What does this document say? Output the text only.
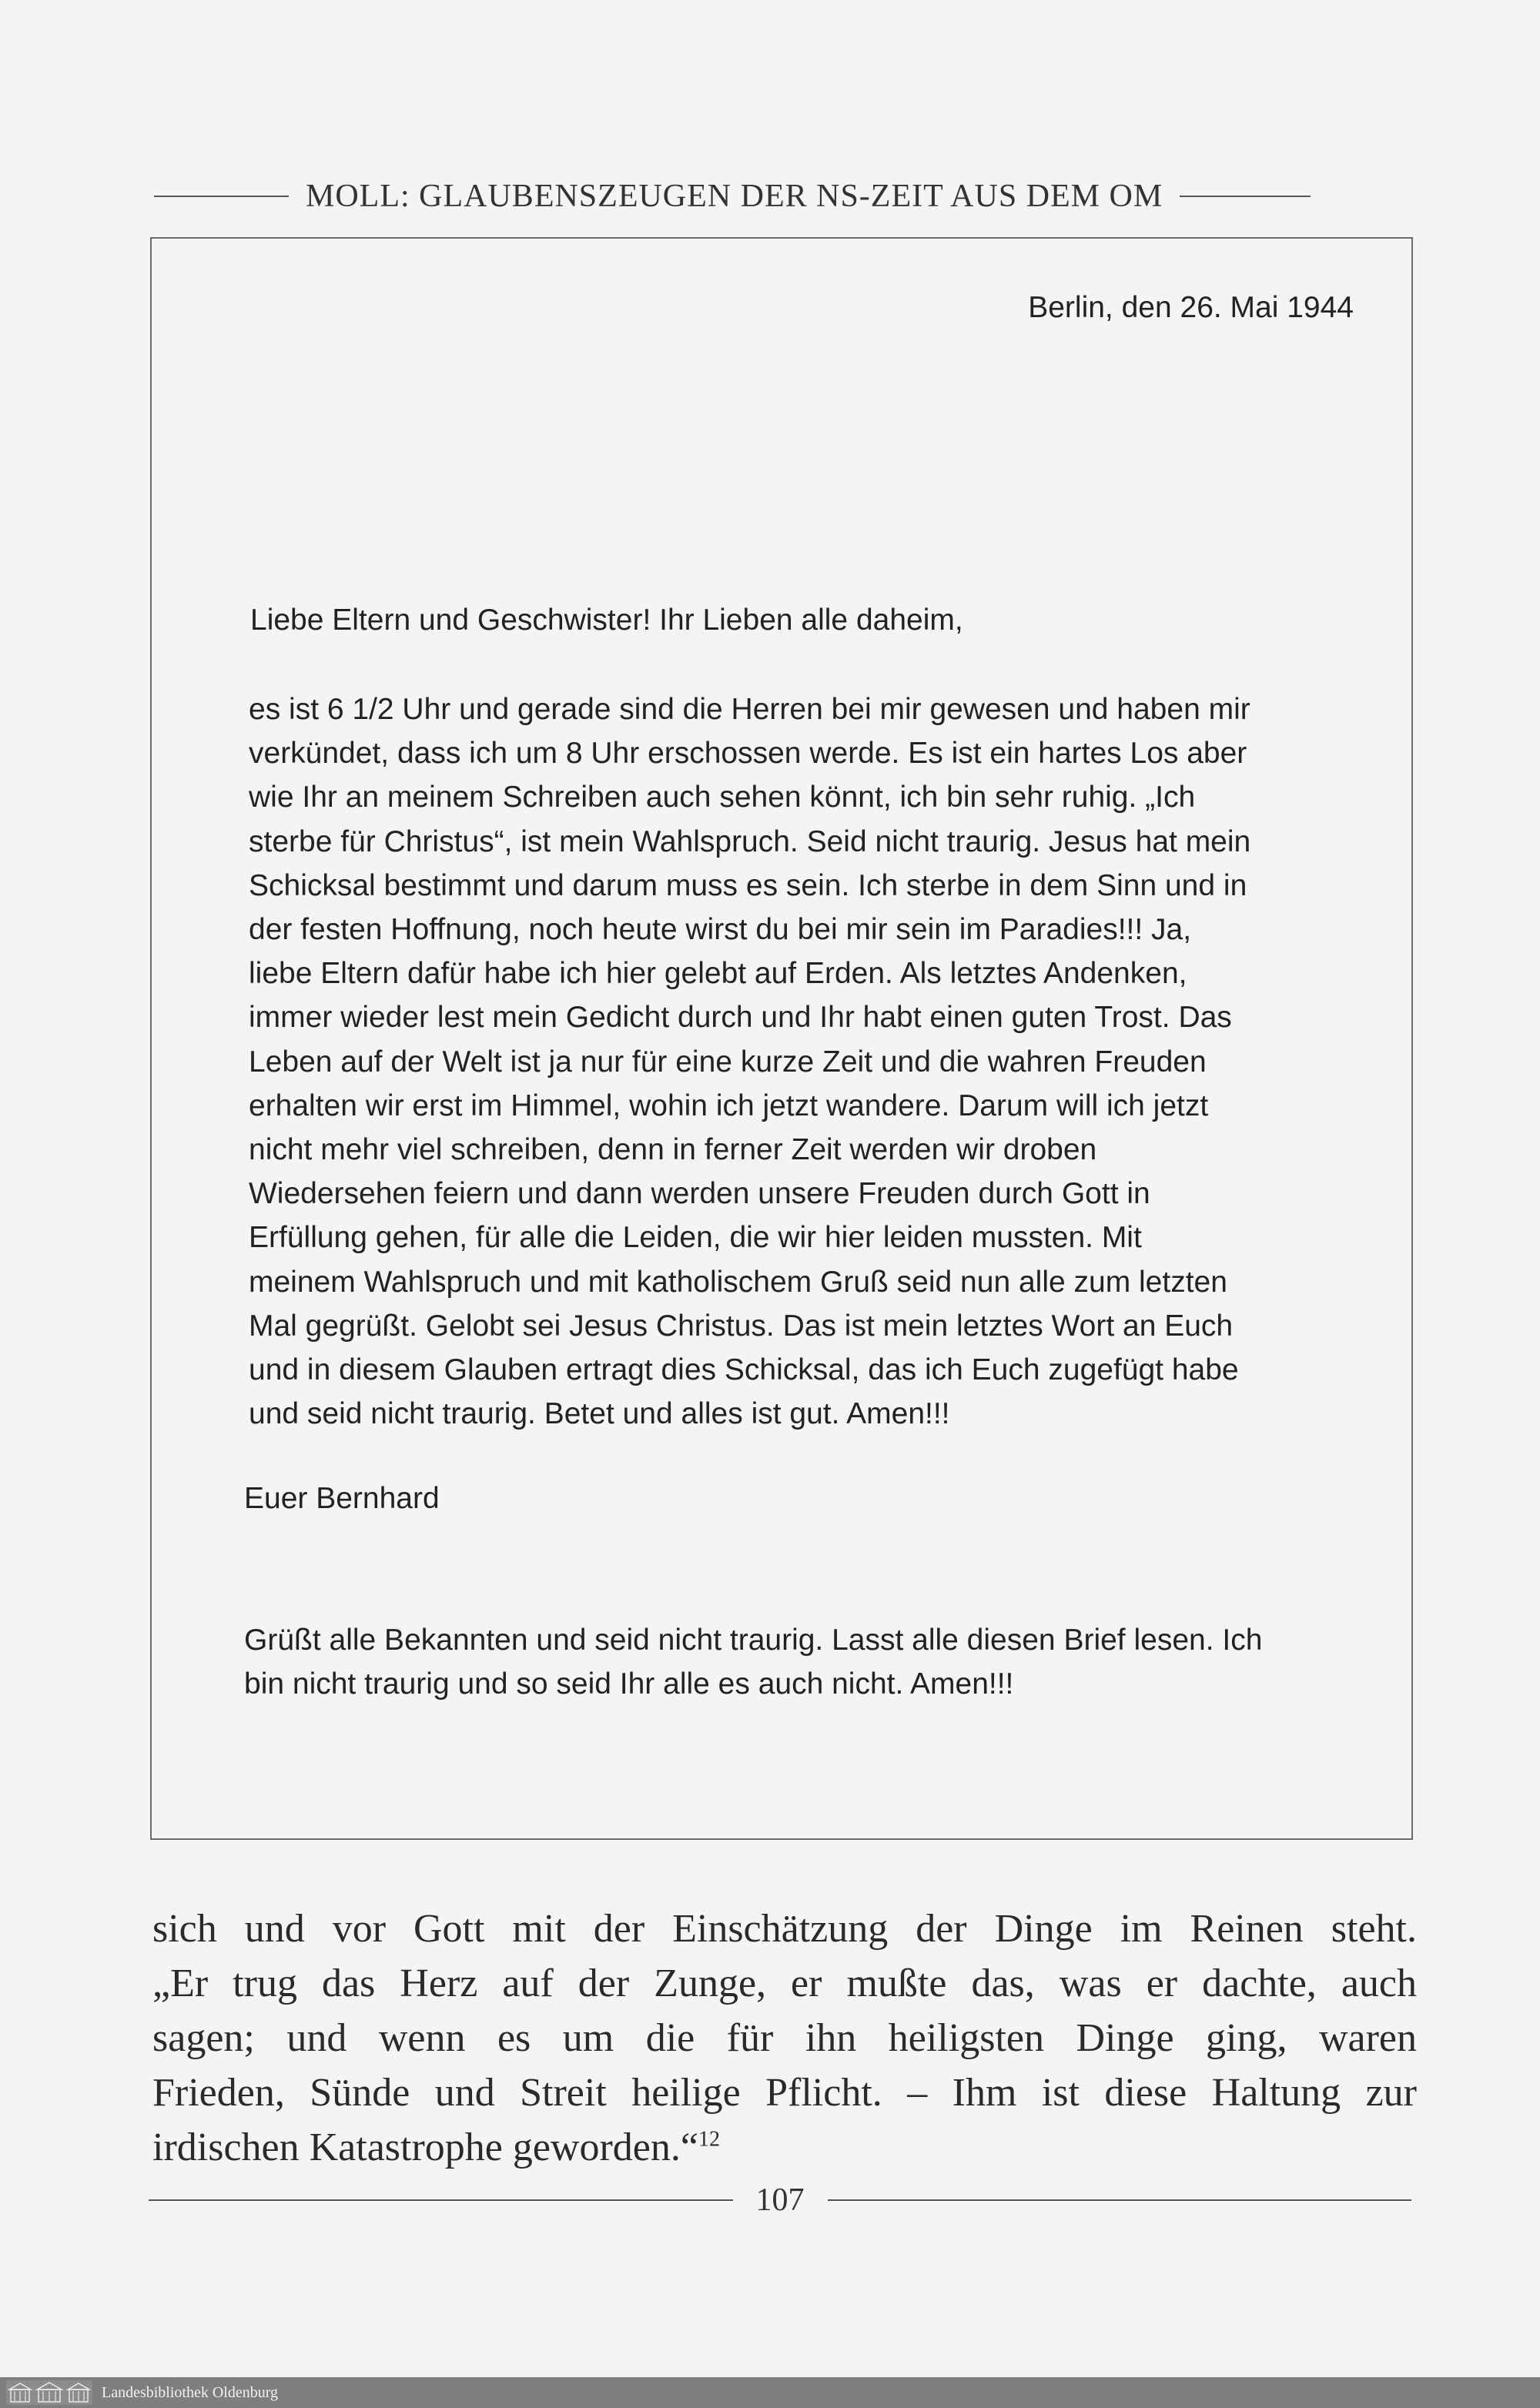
MOLL: GLAUBENSZEUGEN DER NS-ZEIT AUS DEM OM
Berlin, den 26. Mai 1944
Liebe Eltern und Geschwister! Ihr Lieben alle daheim,
es ist 6 1/2 Uhr und gerade sind die Herren bei mir gewesen und haben mir
verkündet, dass ich um 8 Uhr erschossen werde. Es ist ein hartes Los aber
wie Ihr an meinem Schreiben auch sehen könnt, ich bin sehr ruhig. „Ich
sterbe für Christus“, ist mein Wahlspruch. Seid nicht traurig. Jesus hat mein
Schicksal bestimmt und darum muss es sein. Ich sterbe in dem Sinn und in
der festen Hoffnung, noch heute wirst du bei mir sein im Paradies!!! Ja,
liebe Eltern dafür habe ich hier gelebt auf Erden. Als letztes Andenken,
immer wieder lest mein Gedicht durch und Ihr habt einen guten Trost. Das
Leben auf der Welt ist ja nur für eine kurze Zeit und die wahren Freuden
erhalten wir erst im Himmel, wohin ich jetzt wandere. Darum will ich jetzt
nicht mehr viel schreiben, denn in ferner Zeit werden wir droben
Wiedersehen feiern und dann werden unsere Freuden durch Gott in
Erfüllung gehen, für alle die Leiden, die wir hier leiden mussten. Mit
meinem Wahlspruch und mit katholischem Gruß seid nun alle zum letzten
Mal gegrüßt. Gelobt sei Jesus Christus. Das ist mein letztes Wort an Euch
und in diesem Glauben ertragt dies Schicksal, das ich Euch zugefügt habe
und seid nicht traurig. Betet und alles ist gut. Amen!!!
Euer Bernhard
Grüßt alle Bekannten und seid nicht traurig. Lasst alle diesen Brief lesen. Ich
bin nicht traurig und so seid Ihr alle es auch nicht. Amen!!!
sich und vor Gott mit der Einschätzung der Dinge im Reinen steht.
„Er trug das Herz auf der Zunge, er mußte das, was er dachte, auch
sagen; und wenn es um die für ihn heiligsten Dinge ging, waren
Frieden, Sünde und Streit heilige Pflicht. – Ihm ist diese Haltung zur
irdischen Katastrophe geworden.“$^{12}$
107
Landesbibliothek Oldenburg
